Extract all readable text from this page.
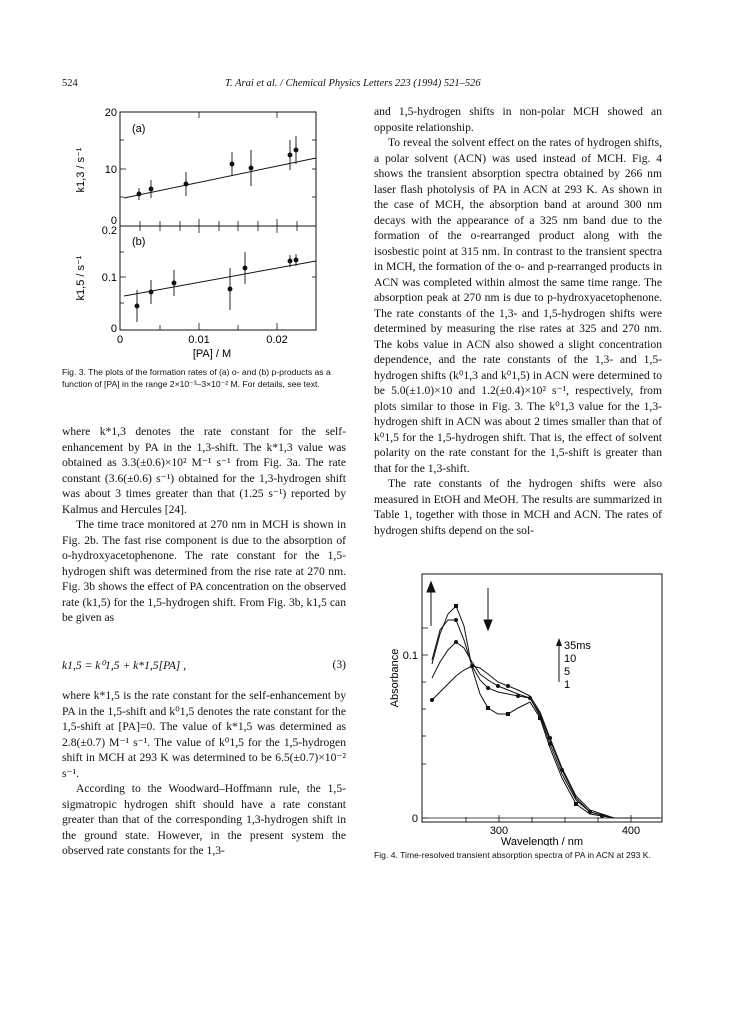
524	T. Arai et al. / Chemical Physics Letters 223 (1994) 521–526
(a)
(b)
20
10
0
0.2
0.1
0
k1,3 / s⁻¹
k1,5 / s⁻¹
0	0.01	0.02
[PA] / M
Fig. 3. The plots of the formation rates of (a) o- and (b) p-products as a function of [PA] in the range 2×10⁻³–3×10⁻² M. For details, see text.

where k*1,3 denotes the rate constant for the self-enhancement by PA in the 1,3-shift. The k*1,3 value was obtained as 3.3(±0.6)×10² M⁻¹ s⁻¹ from Fig. 3a. The rate constant (3.6(±0.6) s⁻¹) obtained for the 1,3-hydrogen shift was about 3 times greater than that (1.25 s⁻¹) reported by Kalmus and Hercules [24].

The time trace monitored at 270 nm in MCH is shown in Fig. 2b. The fast rise component is due to the absorption of o-hydroxyacetophenone. The rate constant for the 1,5-hydrogen shift was determined from the rise rate at 270 nm. Fig. 3b shows the effect of PA concentration on the observed rate (k1,5) for the 1,5-hydrogen shift. From Fig. 3b, k1,5 can be given as

k1,5 = k⁰1,5 + k*1,5[PA] ,	(3)

where k*1,5 is the rate constant for the self-enhancement by PA in the 1,5-shift and k⁰1,5 denotes the rate constant for the 1,5-shift at [PA]=0. The value of k*1,5 was determined as 2.8(±0.7) M⁻¹ s⁻¹. The value of k⁰1,5 for the 1,5-hydrogen shift in MCH at 293 K was determined to be 6.5(±0.7)×10⁻² s⁻¹.

According to the Woodward–Hoffmann rule, the 1,5-sigmatropic hydrogen shift should have a rate constant greater than that of the corresponding 1,3-hydrogen shift in the ground state. However, in the present system the observed rate constants for the 1,3-

and 1,5-hydrogen shifts in non-polar MCH showed an opposite relationship.

To reveal the solvent effect on the rates of hydrogen shifts, a polar solvent (ACN) was used instead of MCH. Fig. 4 shows the transient absorption spectra obtained by 266 nm laser flash photolysis of PA in ACN at 293 K. As shown in the case of MCH, the absorption band at around 300 nm decays with the appearance of a 325 nm band due to the formation of the o-rearranged product along with the isosbestic point at 315 nm. In contrast to the transient spectra in MCH, the formation of the o- and p-rearranged products in ACN was completed within almost the same time range. The absorption peak at 270 nm is due to p-hydroxyacetophenone. The rate constants of the 1,3- and 1,5-hydrogen shifts were determined by measuring the rise rates at 325 and 270 nm. The kobs value in ACN also showed a slight concentration dependence, and the rate constants of the 1,3- and 1,5-hydrogen shifts (k⁰1,3 and k⁰1,5) in ACN were determined to be 5.0(±1.0)×10 and 1.2(±0.4)×10² s⁻¹, respectively, from plots similar to those in Fig. 3. The k⁰1,3 value for the 1,3-hydrogen shift in ACN was about 2 times smaller than that of k⁰1,5 for the 1,5-hydrogen shift. That is, the effect of solvent polarity on the rate constant for the 1,5-shift is greater than that for the 1,3-shift.

The rate constants of the hydrogen shifts were also measured in EtOH and MeOH. The results are summarized in Table 1, together with those in MCH and ACN. The rates of hydrogen shifts depend on the sol-

0.1
0
300	400
Wavelength / nm
Absorbance
35ms
10
5
1
Fig. 4. Time-resolved transient absorption spectra of PA in ACN at 293 K.
